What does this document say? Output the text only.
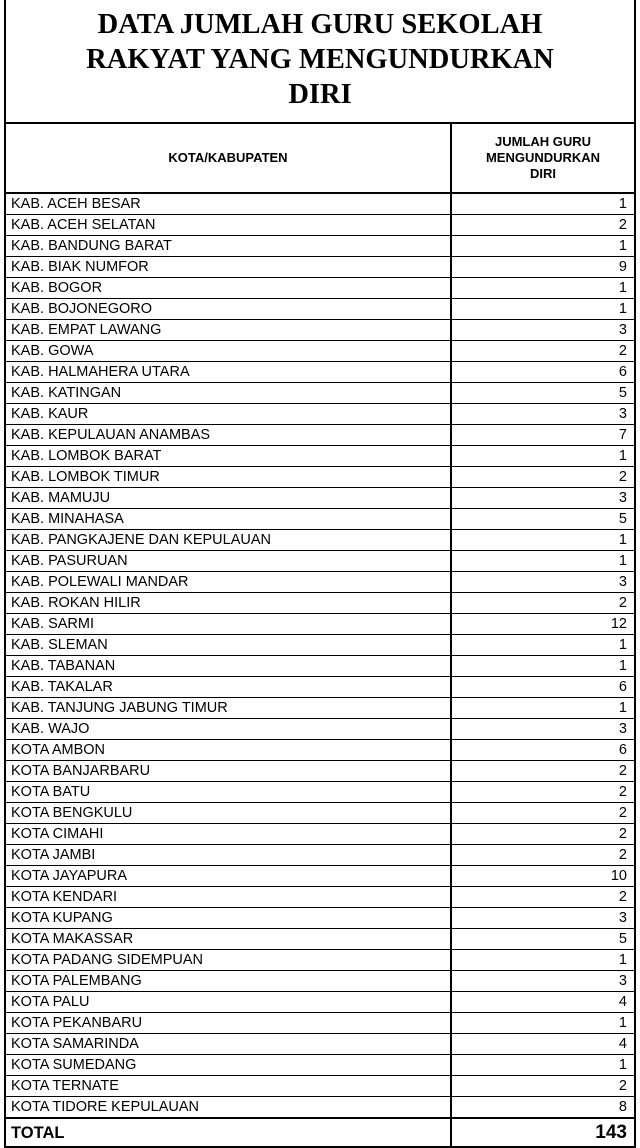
DATA JUMLAH GURU SEKOLAH
RAKYAT YANG MENGUNDURKAN
DIRI	

KOTA/KABUPATEN	JUMLAH GURU
MENGUNDURKAN
DIRI
KAB. ACEH BESAR	1
KAB. ACEH SELATAN	2
KAB. BANDUNG BARAT	1
KAB. BIAK NUMFOR	9
KAB. BOGOR	1
KAB. BOJONEGORO	1
KAB. EMPAT LAWANG	3
KAB. GOWA	2
KAB. HALMAHERA UTARA	6
KAB. KATINGAN	5
KAB. KAUR	3
KAB. KEPULAUAN ANAMBAS	7
KAB. LOMBOK BARAT	1
KAB. LOMBOK TIMUR	2
KAB. MAMUJU	3
KAB. MINAHASA	5
KAB. PANGKAJENE DAN KEPULAUAN	1
KAB. PASURUAN	1
KAB. POLEWALI MANDAR	3
KAB. ROKAN HILIR	2
KAB. SARMI	12
KAB. SLEMAN	1
KAB. TABANAN	1
KAB. TAKALAR	6
KAB. TANJUNG JABUNG TIMUR	1
KAB. WAJO	3
KOTA AMBON	6
KOTA BANJARBARU	2
KOTA BATU	2
KOTA BENGKULU	2
KOTA CIMAHI	2
KOTA JAMBI	2
KOTA JAYAPURA	10
KOTA KENDARI	2
KOTA KUPANG	3
KOTA MAKASSAR	5
KOTA PADANG SIDEMPUAN	1
KOTA PALEMBANG	3
KOTA PALU	4
KOTA PEKANBARU	1
KOTA SAMARINDA	4
KOTA SUMEDANG	1
KOTA TERNATE	2
KOTA TIDORE KEPULAUAN	8
TOTAL	143
